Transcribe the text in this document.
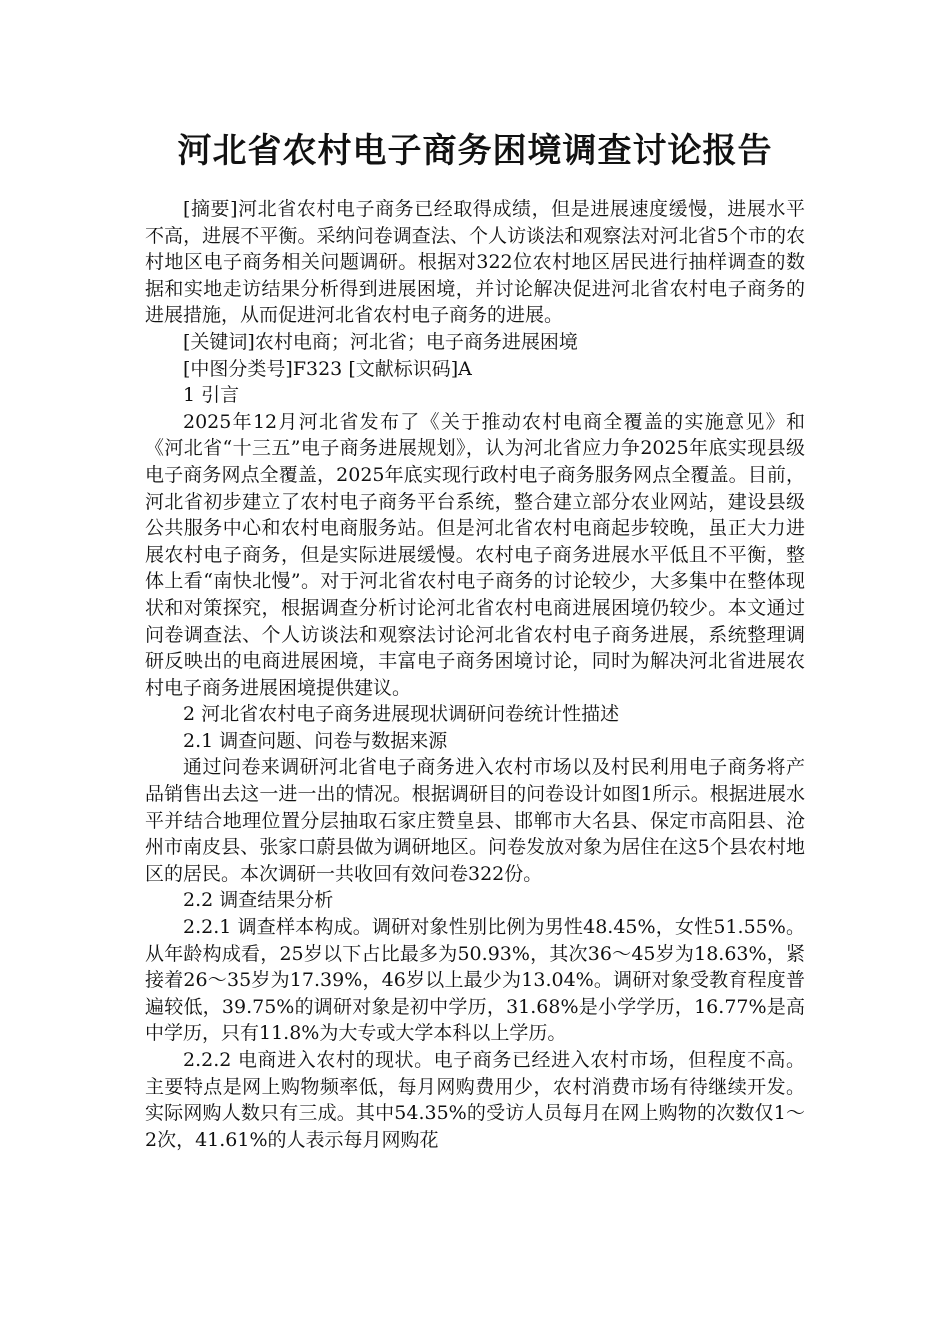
河北省农村电子商务困境调查讨论报告

[摘要]河北省农村电子商务已经取得成绩，但是进展速度缓慢，进展水平不高，进展不平衡。采纳问卷调查法、个人访谈法和观察法对河北省5个市的农村地区电子商务相关问题调研。根据对322位农村地区居民进行抽样调查的数据和实地走访结果分析得到进展困境，并讨论解决促进河北省农村电子商务的进展措施，从而促进河北省农村电子商务的进展。

[关键词]农村电商；河北省；电子商务进展困境

[中图分类号]F323 [文献标识码]A

1 引言

2025年12月河北省发布了《关于推动农村电商全覆盖的实施意见》和《河北省“十三五”电子商务进展规划》，认为河北省应力争2025年底实现县级电子商务网点全覆盖，2025年底实现行政村电子商务服务网点全覆盖。目前，河北省初步建立了农村电子商务平台系统，整合建立部分农业网站，建设县级公共服务中心和农村电商服务站。但是河北省农村电商起步较晚，虽正大力进展农村电子商务，但是实际进展缓慢。农村电子商务进展水平低且不平衡，整体上看“南快北慢”。对于河北省农村电子商务的讨论较少，大多集中在整体现状和对策探究，根据调查分析讨论河北省农村电商进展困境仍较少。本文通过问卷调查法、个人访谈法和观察法讨论河北省农村电子商务进展，系统整理调研反映出的电商进展困境，丰富电子商务困境讨论，同时为解决河北省进展农村电子商务进展困境提供建议。

2 河北省农村电子商务进展现状调研问卷统计性描述

2.1 调查问题、问卷与数据来源

通过问卷来调研河北省电子商务进入农村市场以及村民利用电子商务将产品销售出去这一进一出的情况。根据调研目的问卷设计如图1所示。根据进展水平并结合地理位置分层抽取石家庄赞皇县、邯郸市大名县、保定市高阳县、沧州市南皮县、张家口蔚县做为调研地区。问卷发放对象为居住在这5个县农村地区的居民。本次调研一共收回有效问卷322份。

2.2 调查结果分析

2.2.1 调查样本构成。调研对象性别比例为男性48.45%，女性51.55%。从年龄构成看，25岁以下占比最多为50.93%，其次36～45岁为18.63%，紧接着26～35岁为17.39%，46岁以上最少为13.04%。调研对象受教育程度普遍较低，39.75%的调研对象是初中学历，31.68%是小学学历，16.77%是高中学历，只有11.8%为大专或大学本科以上学历。

2.2.2 电商进入农村的现状。电子商务已经进入农村市场，但程度不高。主要特点是网上购物频率低，每月网购费用少，农村消费市场有待继续开发。实际网购人数只有三成。其中54.35%的受访人员每月在网上购物的次数仅1～2次，41.61%的人表示每月网购花
